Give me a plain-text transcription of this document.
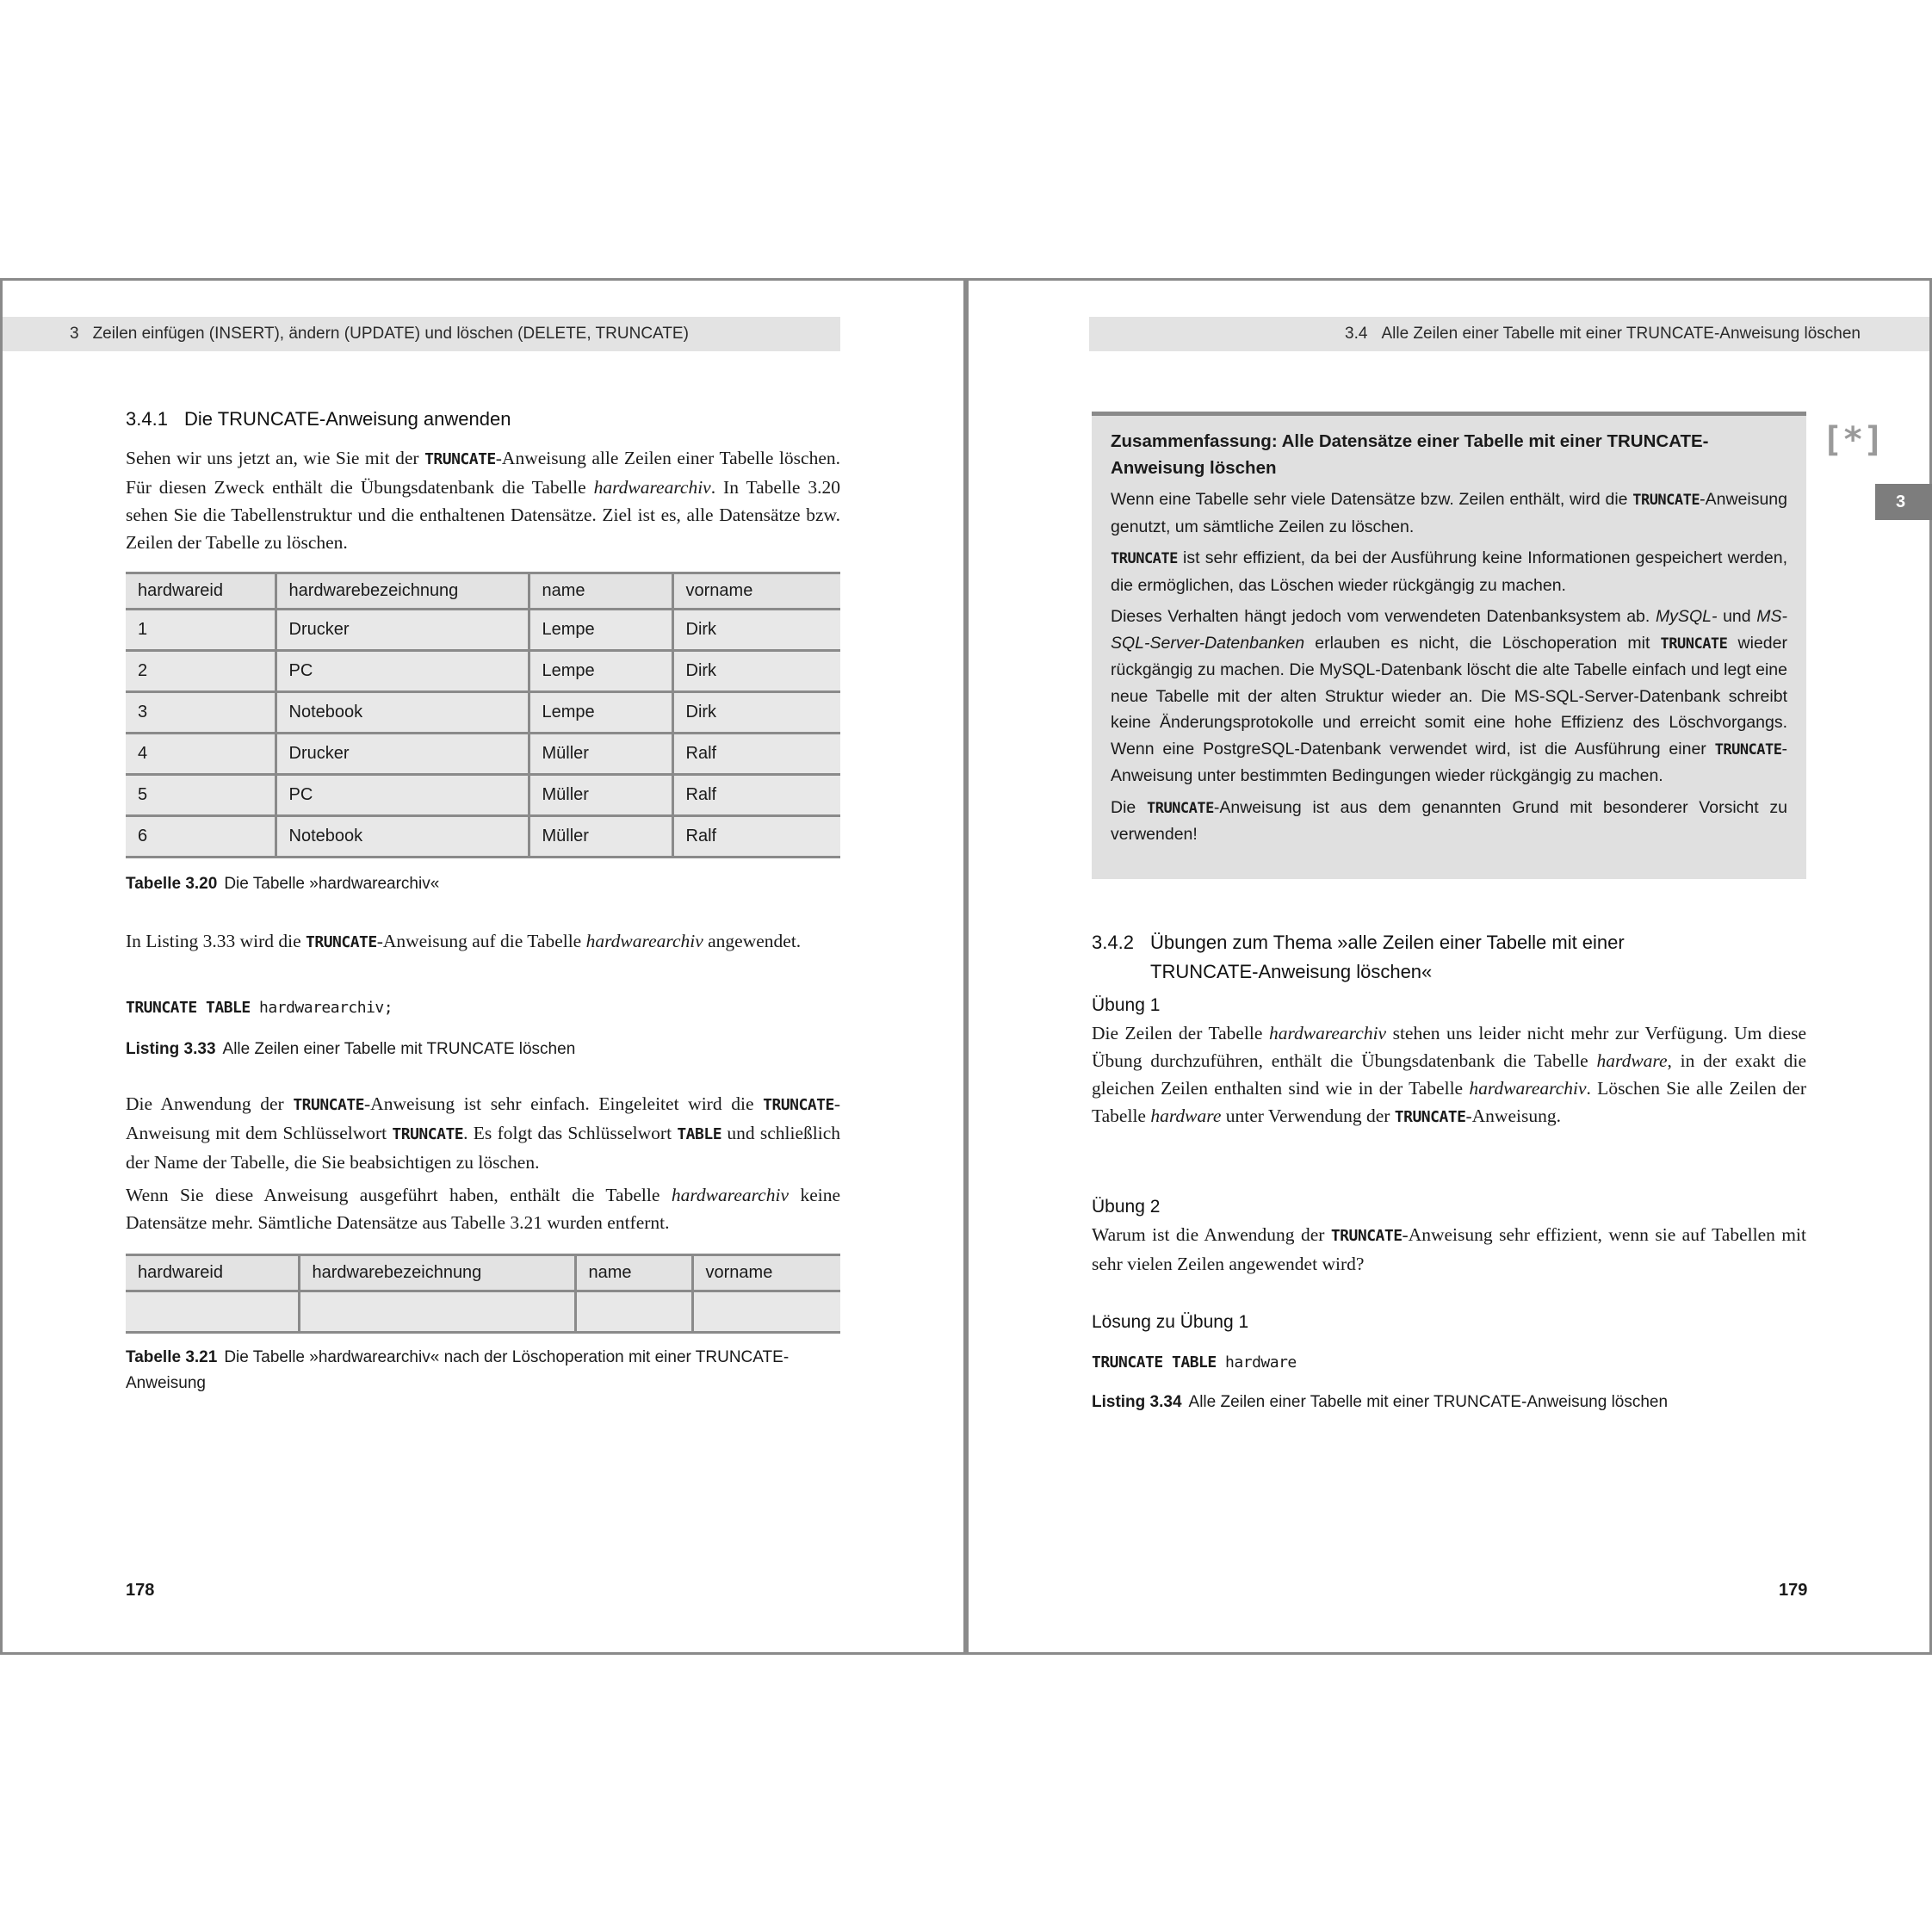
3 Zeilen einfügen (INSERT), ändern (UPDATE) und löschen (DELETE, TRUNCATE)
3.4.1 Die TRUNCATE-Anweisung anwenden

Sehen wir uns jetzt an, wie Sie mit der TRUNCATE-Anweisung alle Zeilen einer Tabelle löschen. Für diesen Zweck enthält die Übungsdatenbank die Tabelle hardwarearchiv. In Tabelle 3.20 sehen Sie die Tabellenstruktur und die enthaltenen Datensätze. Ziel ist es, alle Datensätze bzw. Zeilen der Tabelle zu löschen.

hardwareid	hardwarebezeichnung	name	vorname
1	Drucker	Lempe	Dirk
2	PC	Lempe	Dirk
3	Notebook	Lempe	Dirk
4	Drucker	Müller	Ralf
5	PC	Müller	Ralf
6	Notebook	Müller	Ralf
Tabelle 3.20 Die Tabelle »hardwarearchiv«

In Listing 3.33 wird die TRUNCATE-Anweisung auf die Tabelle hardwarearchiv angewendet.

TRUNCATE TABLE hardwarearchiv;
Listing 3.33 Alle Zeilen einer Tabelle mit TRUNCATE löschen

Die Anwendung der TRUNCATE-Anweisung ist sehr einfach. Eingeleitet wird die TRUNCATE-Anweisung mit dem Schlüsselwort TRUNCATE. Es folgt das Schlüsselwort TABLE und schließlich der Name der Tabelle, die Sie beabsichtigen zu löschen.

Wenn Sie diese Anweisung ausgeführt haben, enthält die Tabelle hardwarearchiv keine Datensätze mehr. Sämtliche Datensätze aus Tabelle 3.21 wurden entfernt.

hardwareid	hardwarebezeichnung	name	vorname

Tabelle 3.21 Die Tabelle »hardwarearchiv« nach der Löschoperation mit einer TRUNCATE-Anweisung
178
3.4 Alle Zeilen einer Tabelle mit einer TRUNCATE-Anweisung löschen
3
Zusammenfassung: Alle Datensätze einer Tabelle mit einer TRUNCATE-Anweisung löschen

Wenn eine Tabelle sehr viele Datensätze bzw. Zeilen enthält, wird die TRUNCATE-Anweisung genutzt, um sämtliche Zeilen zu löschen.

TRUNCATE ist sehr effizient, da bei der Ausführung keine Informationen gespeichert werden, die ermöglichen, das Löschen wieder rückgängig zu machen.

Dieses Verhalten hängt jedoch vom verwendeten Datenbanksystem ab. MySQL- und MS-SQL-Server-Datenbanken erlauben es nicht, die Löschoperation mit TRUNCATE wieder rückgängig zu machen. Die MySQL-Datenbank löscht die alte Tabelle einfach und legt eine neue Tabelle mit der alten Struktur wieder an. Die MS-SQL-Server-Datenbank schreibt keine Änderungsprotokolle und erreicht somit eine hohe Effizienz des Löschvorgangs. Wenn eine PostgreSQL-Datenbank verwendet wird, ist die Ausführung einer TRUNCATE-Anweisung unter bestimmten Bedingungen wieder rückgängig zu machen.

Die TRUNCATE-Anweisung ist aus dem genannten Grund mit besonderer Vorsicht zu verwenden!

[*]
3.4.2 Übungen zum Thema »alle Zeilen einer Tabelle mit einer
TRUNCATE-Anweisung löschen«
Übung 1

Die Zeilen der Tabelle hardwarearchiv stehen uns leider nicht mehr zur Verfügung. Um diese Übung durchzuführen, enthält die Übungsdatenbank die Tabelle hardware, in der exakt die gleichen Zeilen enthalten sind wie in der Tabelle hardwarearchiv. Löschen Sie alle Zeilen der Tabelle hardware unter Verwendung der TRUNCATE-Anweisung.

Übung 2

Warum ist die Anwendung der TRUNCATE-Anweisung sehr effizient, wenn sie auf Tabellen mit sehr vielen Zeilen angewendet wird?

Lösung zu Übung 1
TRUNCATE TABLE hardware
Listing 3.34 Alle Zeilen einer Tabelle mit einer TRUNCATE-Anweisung löschen
179
